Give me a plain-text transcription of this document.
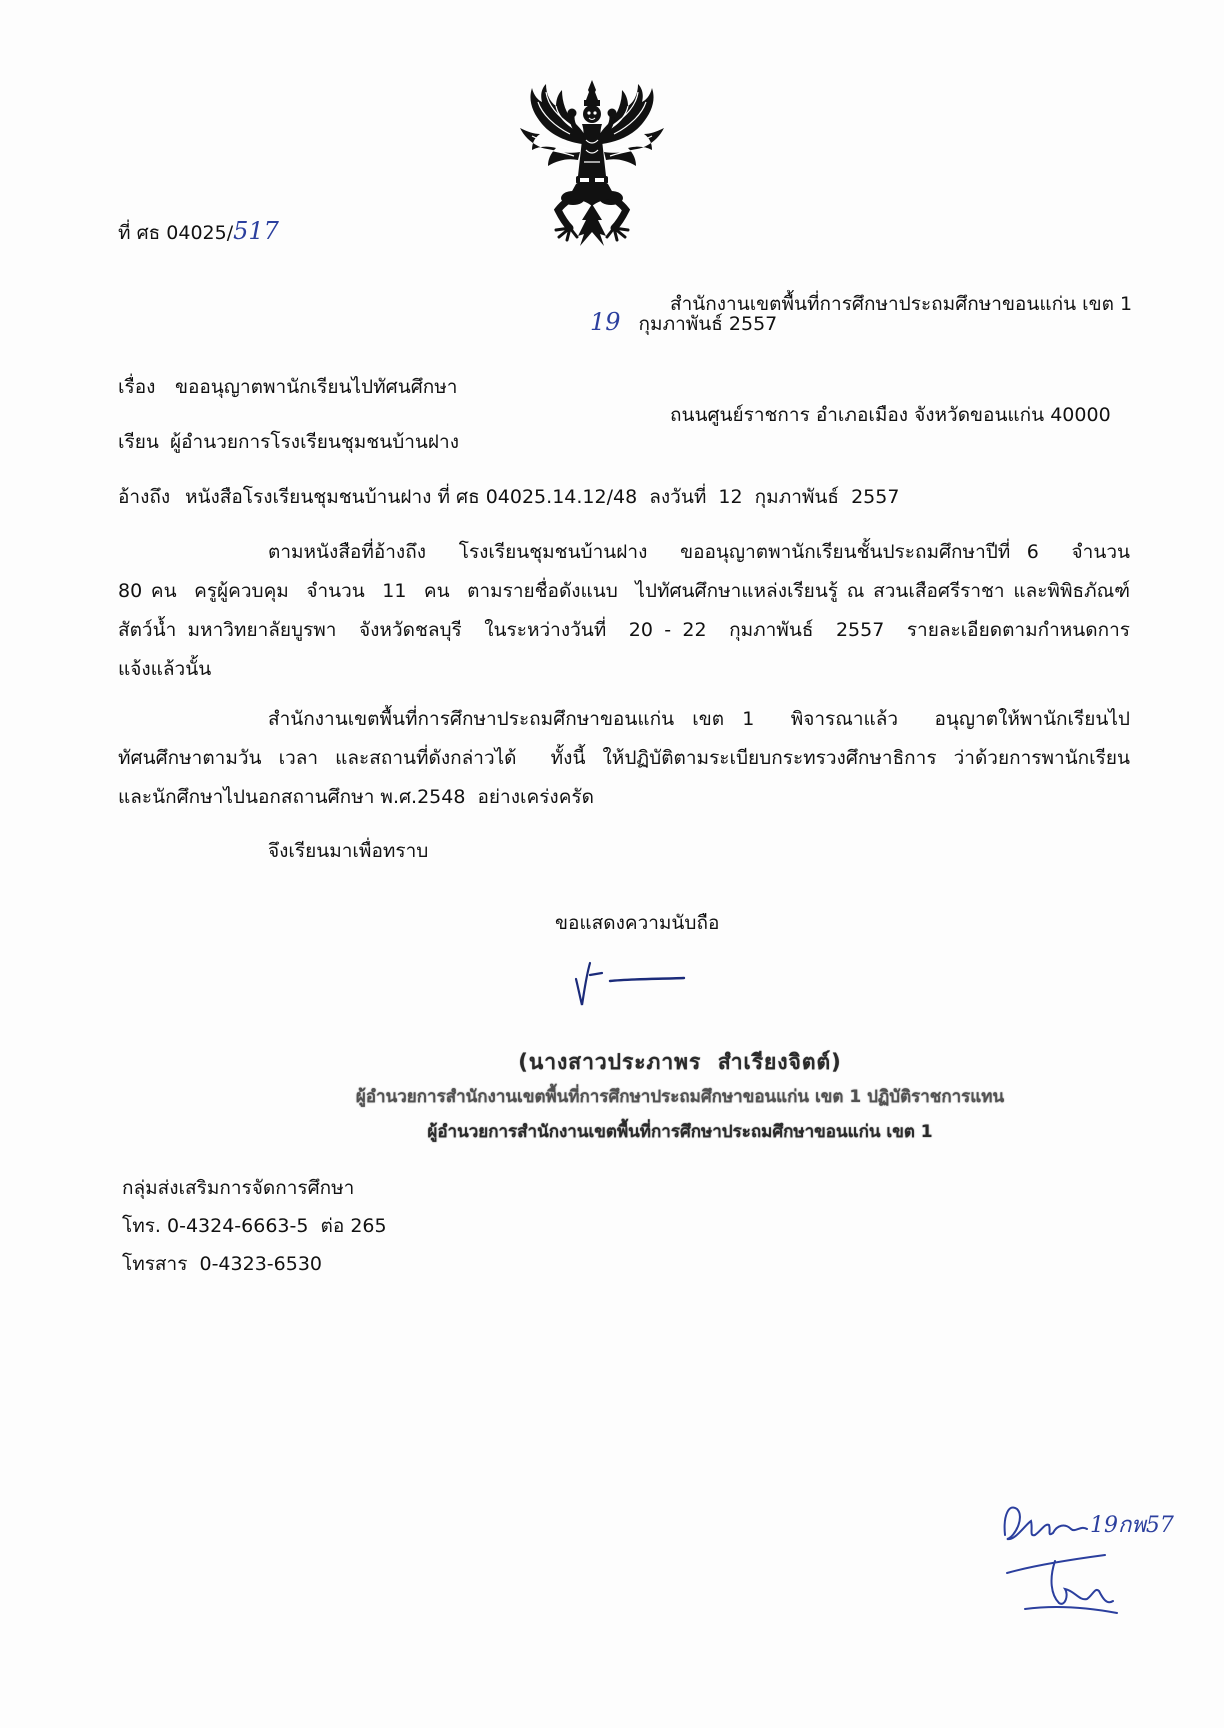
ที่ ศธ 04025/517

สำนักงานเขตพื้นที่การศึกษาประถมศึกษาขอนแก่น เขต 1

ถนนศูนย์ราชการ อำเภอเมือง จังหวัดขอนแก่น 40000

19 กุมภาพันธ์ 2557
เรื่อง ขออนุญาตพานักเรียนไปทัศนศึกษา
เรียน ผู้อำนวยการโรงเรียนชุมชนบ้านฝาง
อ้างถึง หนังสือโรงเรียนชุมชนบ้านฝาง ที่ ศธ 04025.14.12/48  ลงวันที่  12  กุมภาพันธ์  2557
ตามหนังสือที่อ้างถึง  โรงเรียนชุมชนบ้านฝาง  ขออนุญาตพานักเรียนชั้นประถมศึกษาปีที่ 6  จำนวน
80 คน  ครูผู้ควบคุม  จำนวน  11  คน  ตามรายชื่อดังแนบ  ไปทัศนศึกษาแหล่งเรียนรู้ ณ สวนเสือศรีราชา และพิพิธภัณฑ์
สัตว์น้ำ มหาวิทยาลัยบูรพา  จังหวัดชลบุรี  ในระหว่างวันที่  20 - 22  กุมภาพันธ์  2557  รายละเอียดตามกำหนดการ
แจ้งแล้วนั้น
สำนักงานเขตพื้นที่การศึกษาประถมศึกษาขอนแก่น เขต 1  พิจารณาแล้ว  อนุญาตให้พานักเรียนไป
ทัศนศึกษาตามวัน เวลา และสถานที่ดังกล่าวได้  ทั้งนี้ ให้ปฏิบัติตามระเบียบกระทรวงศึกษาธิการ ว่าด้วยการพานักเรียน
และนักศึกษาไปนอกสถานศึกษา พ.ศ.2548  อย่างเคร่งครัด
จึงเรียนมาเพื่อทราบ
ขอแสดงความนับถือ
(นางสาวประภาพร  สำเรียงจิตต์)
ผู้อำนวยการสำนักงานเขตพื้นที่การศึกษาประถมศึกษาขอนแก่น เขต 1 ปฏิบัติราชการแทน
ผู้อำนวยการสำนักงานเขตพื้นที่การศึกษาประถมศึกษาขอนแก่น เขต 1
กลุ่มส่งเสริมการจัดการศึกษา
โทร. 0-4324-6663-5  ต่อ 265
โทรสาร  0-4323-6530
19กพ57
